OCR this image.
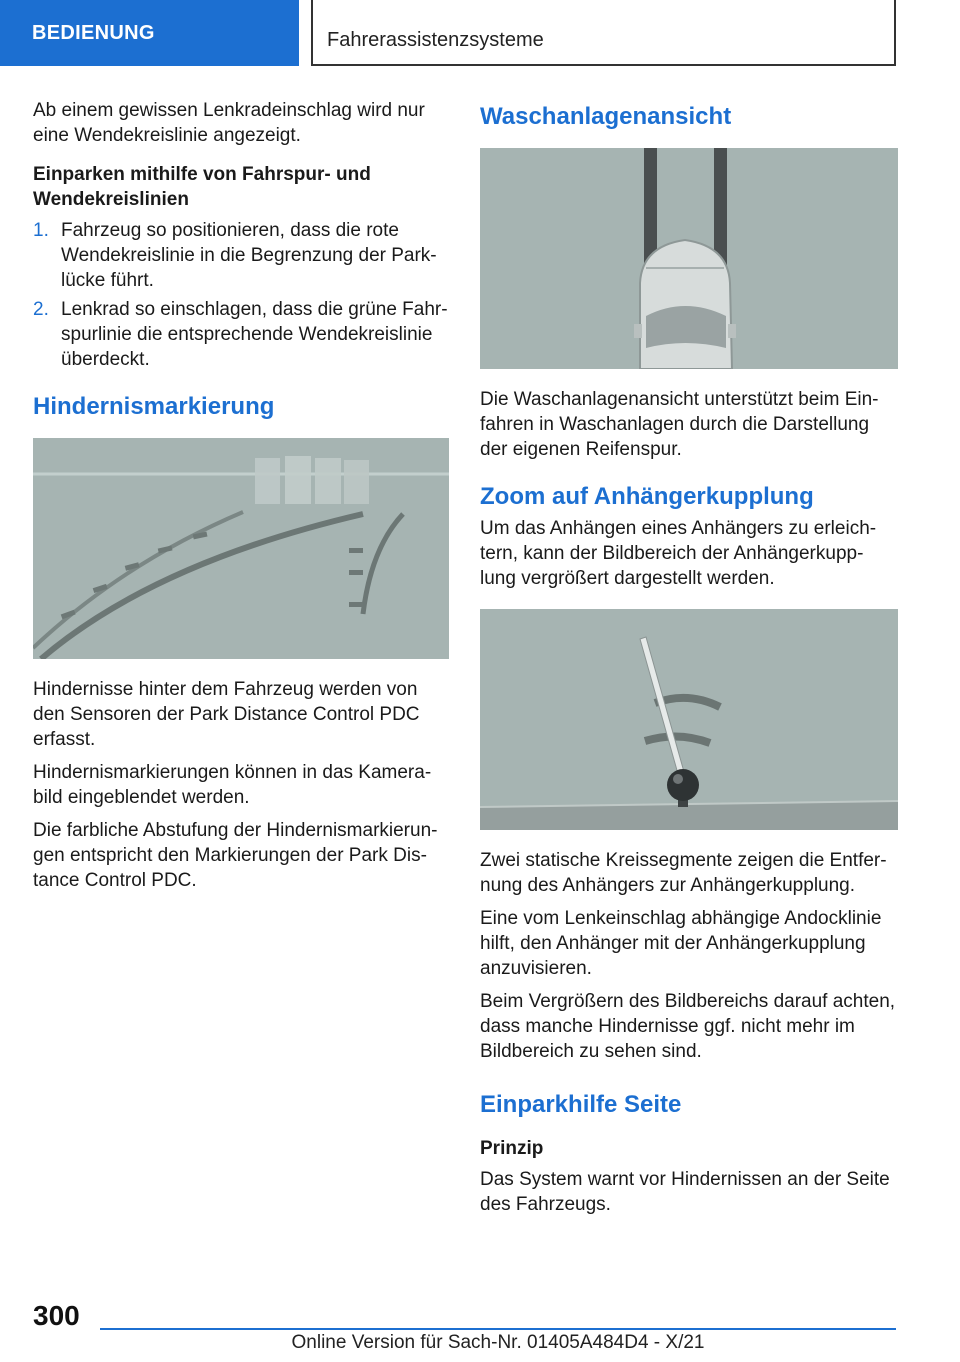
BEDIENUNG	Fahrerassistenzsysteme

Ab einem gewissen Lenkradeinschlag wird nur eine Wendekreislinie angezeigt.

Einparken mithilfe von Fahrspur- und Wendekreislinien
1. Fahrzeug so positionieren, dass die rote Wendekreislinie in die Begrenzung der Park‐lücke führt.
2. Lenkrad so einschlagen, dass die grüne Fahr‐spurlinie die entsprechende Wendekreislinie überdeckt.
Hindernismarkierung

Hindernisse hinter dem Fahrzeug werden von den Sensoren der Park Distance Control PDC erfasst.

Hindernismarkierungen können in das Kamera‐bild eingeblendet werden.

Die farbliche Abstufung der Hindernismarkierun‐gen entspricht den Markierungen der Park Dis‐tance Control PDC.

Waschanlagenansicht

Die Waschanlagenansicht unterstützt beim Ein‐fahren in Waschanlagen durch die Darstellung der eigenen Reifenspur.

Zoom auf Anhängerkupplung

Um das Anhängen eines Anhängers zu erleich‐tern, kann der Bildbereich der Anhängerkupp‐lung vergrößert dargestellt werden.

Zwei statische Kreissegmente zeigen die Entfer‐nung des Anhängers zur Anhängerkupplung.

Eine vom Lenkeinschlag abhängige Andocklinie hilft, den Anhänger mit der Anhängerkupplung anzuvisieren.

Beim Vergrößern des Bildbereichs darauf achten, dass manche Hindernisse ggf. nicht mehr im Bildbereich zu sehen sind.

Einparkhilfe Seite
Prinzip

Das System warnt vor Hindernissen an der Seite des Fahrzeugs.

300
Online Version für Sach-Nr. 01405A484D4 - X/21
